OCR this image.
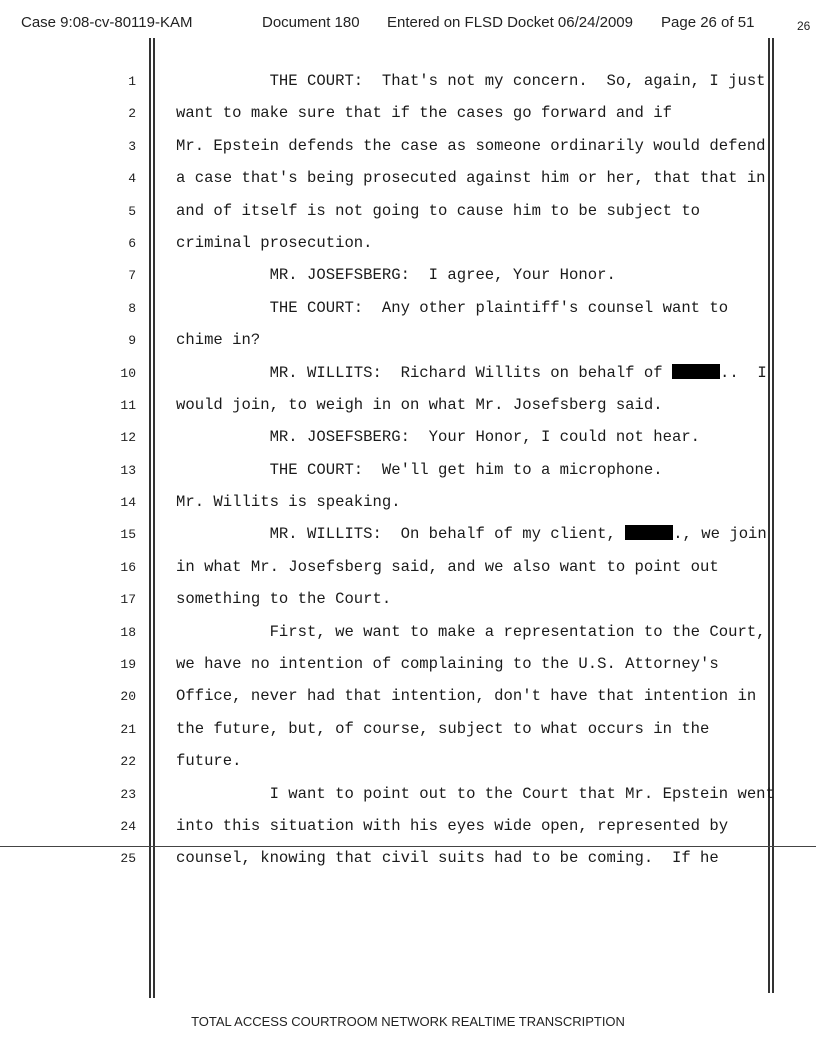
Case 9:08-cv-80119-KAM	Document 180 Entered on FLSD Docket 06/24/2009 Page 26 of 51	26
1	THE COURT:  That's not my concern.  So, again, I just
2	want to make sure that if the cases go forward and if
3	Mr. Epstein defends the case as someone ordinarily would defend
4	a case that's being prosecuted against him or her, that that in
5	and of itself is not going to cause him to be subject to
6	criminal prosecution.
7	MR. JOSEFSBERG:  I agree, Your Honor.
8	THE COURT:  Any other plaintiff's counsel want to
9	chime in?
10	MR. WILLITS:  Richard Willits on behalf of	..  I
11	would join, to weigh in on what Mr. Josefsberg said.
12	MR. JOSEFSBERG:  Your Honor, I could not hear.
13	THE COURT:  We'll get him to a microphone.
14	Mr. Willits is speaking.
15	MR. WILLITS:  On behalf of my client,	., we join
16	in what Mr. Josefsberg said, and we also want to point out
17	something to the Court.
18	First, we want to make a representation to the Court,
19	we have no intention of complaining to the U.S. Attorney's
20	Office, never had that intention, don't have that intention in
21	the future, but, of course, subject to what occurs in the
22	future.
23	I want to point out to the Court that Mr. Epstein went
24	into this situation with his eyes wide open, represented by
25	counsel, knowing that civil suits had to be coming.  If he
TOTAL ACCESS COURTROOM NETWORK REALTIME TRANSCRIPTION
